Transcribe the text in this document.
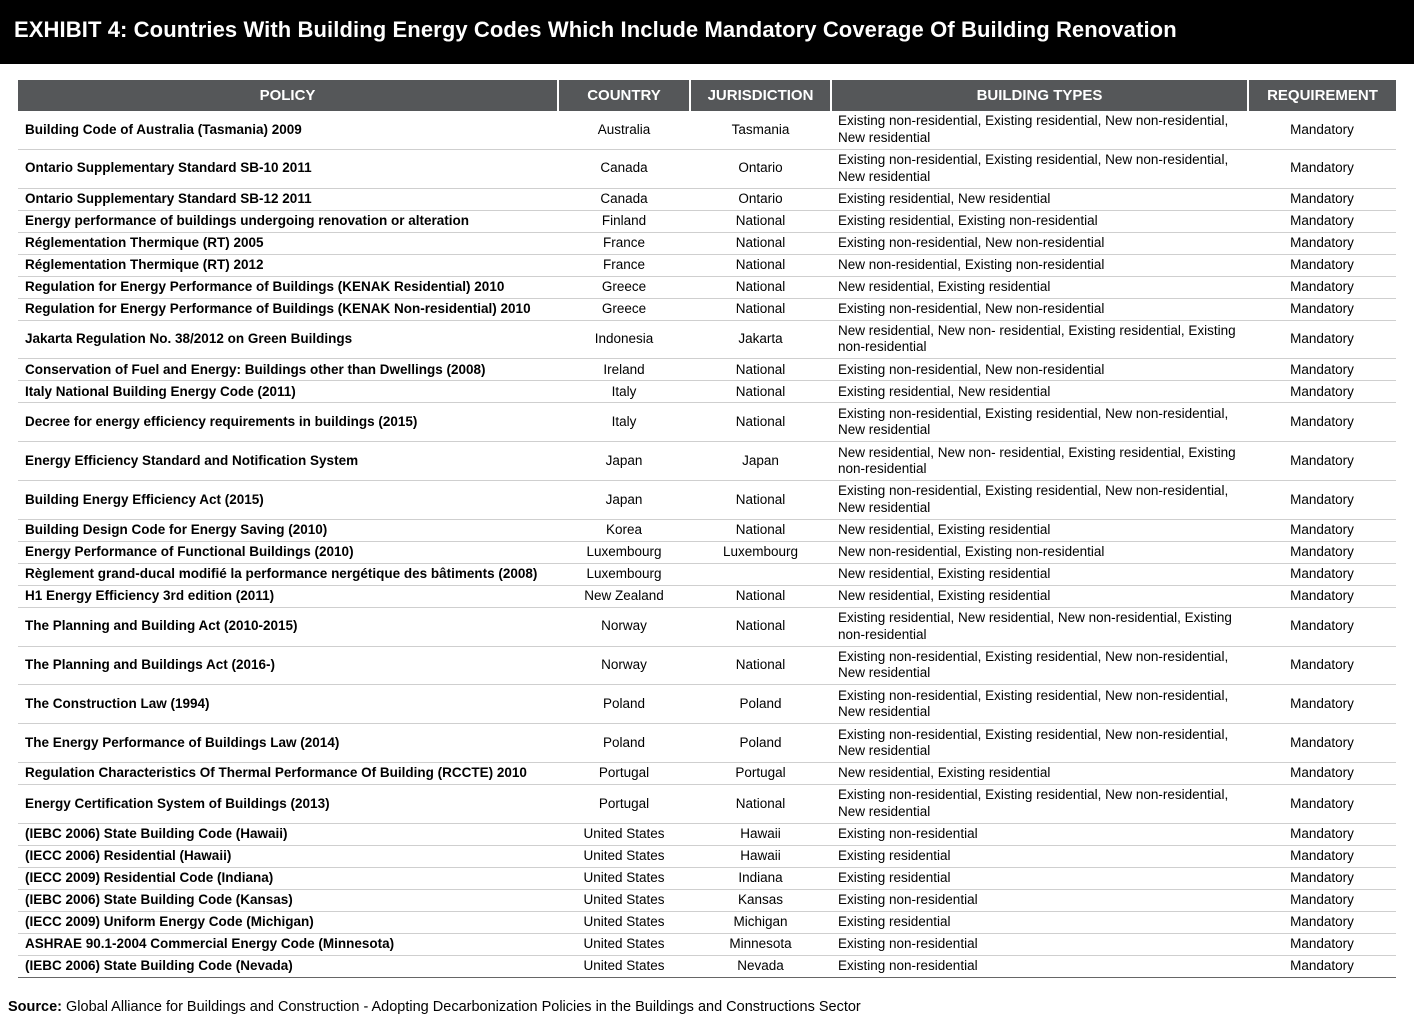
EXHIBIT 4: Countries With Building Energy Codes Which Include Mandatory Coverage Of Building Renovation
POLICY	COUNTRY	JURISDICTION	BUILDING TYPES	REQUIREMENT
Building Code of Australia (Tasmania) 2009	Australia	Tasmania	Existing non-residential, Existing residential, New non-residential, New residential	Mandatory
Ontario Supplementary Standard SB-10 2011	Canada	Ontario	Existing non-residential, Existing residential, New non-residential, New residential	Mandatory
Ontario Supplementary Standard SB-12 2011	Canada	Ontario	Existing residential, New residential	Mandatory
Energy performance of buildings undergoing renovation or alteration	Finland	National	Existing residential, Existing non-residential	Mandatory
Réglementation Thermique (RT) 2005	France	National	Existing non-residential, New non-residential	Mandatory
Réglementation Thermique (RT) 2012	France	National	New non-residential, Existing non-residential	Mandatory
Regulation for Energy Performance of Buildings (KENAK Residential) 2010	Greece	National	New residential, Existing residential	Mandatory
Regulation for Energy Performance of Buildings (KENAK Non-residential) 2010	Greece	National	Existing non-residential, New non-residential	Mandatory
Jakarta Regulation No. 38/2012 on Green Buildings	Indonesia	Jakarta	New residential, New non- residential, Existing residential, Existing non-residential	Mandatory
Conservation of Fuel and Energy: Buildings other than Dwellings (2008)	Ireland	National	Existing non-residential, New non-residential	Mandatory
Italy National Building Energy Code (2011)	Italy	National	Existing residential, New residential	Mandatory
Decree for energy efficiency requirements in buildings (2015)	Italy	National	Existing non-residential, Existing residential, New non-residential, New residential	Mandatory
Energy Efficiency Standard and Notification System	Japan	Japan	New residential, New non- residential, Existing residential, Existing non-residential	Mandatory
Building Energy Efficiency Act (2015)	Japan	National	Existing non-residential, Existing residential, New non-residential, New residential	Mandatory
Building Design Code for Energy Saving (2010)	Korea	National	New residential, Existing residential	Mandatory
Energy Performance of Functional Buildings (2010)	Luxembourg	Luxembourg	New non-residential, Existing non-residential	Mandatory
Règlement grand-ducal modifié la performance nergétique des bâtiments (2008)	Luxembourg		New residential, Existing residential	Mandatory
H1 Energy Efficiency 3rd edition (2011)	New Zealand	National	New residential, Existing residential	Mandatory
The Planning and Building Act (2010-2015)	Norway	National	Existing residential, New residential, New non-residential, Existing non-residential	Mandatory
The Planning and Buildings Act (2016-)	Norway	National	Existing non-residential, Existing residential, New non-residential, New residential	Mandatory
The Construction Law (1994)	Poland	Poland	Existing non-residential, Existing residential, New non-residential, New residential	Mandatory
The Energy Performance of Buildings Law (2014)	Poland	Poland	Existing non-residential, Existing residential, New non-residential, New residential	Mandatory
Regulation Characteristics Of Thermal Performance Of Building (RCCTE) 2010	Portugal	Portugal	New residential, Existing residential	Mandatory
Energy Certification System of Buildings (2013)	Portugal	National	Existing non-residential, Existing residential, New non-residential, New residential	Mandatory
(IEBC 2006) State Building Code (Hawaii)	United States	Hawaii	Existing non-residential	Mandatory
(IECC 2006) Residential (Hawaii)	United States	Hawaii	Existing residential	Mandatory
(IECC 2009) Residential Code (Indiana)	United States	Indiana	Existing residential	Mandatory
(IEBC 2006) State Building Code (Kansas)	United States	Kansas	Existing non-residential	Mandatory
(IECC 2009) Uniform Energy Code (Michigan)	United States	Michigan	Existing residential	Mandatory
ASHRAE 90.1-2004 Commercial Energy Code (Minnesota)	United States	Minnesota	Existing non-residential	Mandatory
(IEBC 2006) State Building Code (Nevada)	United States	Nevada	Existing non-residential	Mandatory
Source: Global Alliance for Buildings and Construction - Adopting Decarbonization Policies in the Buildings and Constructions Sector
